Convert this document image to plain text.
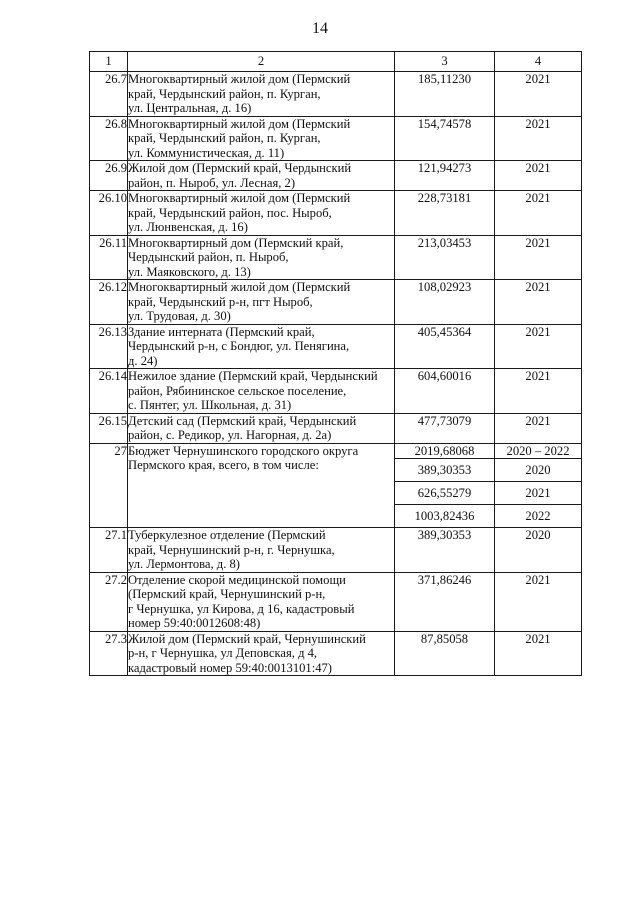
14
1	2	3	4
26.7	Многоквартирный жилой дом (Пермский
край, Чердынский район, п. Курган,
ул. Центральная, д. 16)	185,11230	2021
26.8	Многоквартирный жилой дом (Пермский
край, Чердынский район, п. Курган,
ул. Коммунистическая, д. 11)	154,74578	2021
26.9	Жилой дом (Пермский край, Чердынский
район, п. Ныроб, ул. Лесная, 2)	121,94273	2021
26.10	Многоквартирный жилой дом (Пермский
край, Чердынский район, пос. Ныроб,
ул. Люнвенская, д. 16)	228,73181	2021
26.11	Многоквартирный дом (Пермский край,
Чердынский район, п. Ныроб,
ул. Маяковского, д. 13)	213,03453	2021
26.12	Многоквартирный жилой дом (Пермский
край, Чердынский р-н, пгт Ныроб,
ул. Трудовая, д. 30)	108,02923	2021
26.13	Здание интерната (Пермский край,
Чердынский р-н, с Бондюг, ул. Пенягина,
д. 24)	405,45364	2021
26.14	Нежилое здание (Пермский край, Чердынский
район, Рябининское сельское поселение,
с. Пянтег, ул. Школьная, д. 31)	604,60016	2021
26.15	Детский сад (Пермский край, Чердынский
район, с. Редикор, ул. Нагорная, д. 2а)	477,73079	2021
27	Бюджет Чернушинского городского округа
Пермского края, всего, в том числе:	2019,68068	2020 – 2022
		389,30353	2020
		626,55279	2021
		1003,82436	2022
27.1	Туберкулезное отделение (Пермский
край, Чернушинский р-н, г. Чернушка,
ул. Лермонтова, д. 8)	389,30353	2020
27.2	Отделение скорой медицинской помощи
(Пермский край, Чернушинский р-н,
г Чернушка, ул Кирова, д 16, кадастровый
номер 59:40:0012608:48)	371,86246	2021
27.3	Жилой дом (Пермский край, Чернушинский
р-н, г Чернушка, ул Деповская, д 4,
кадастровый номер 59:40:0013101:47)	87,85058	2021
